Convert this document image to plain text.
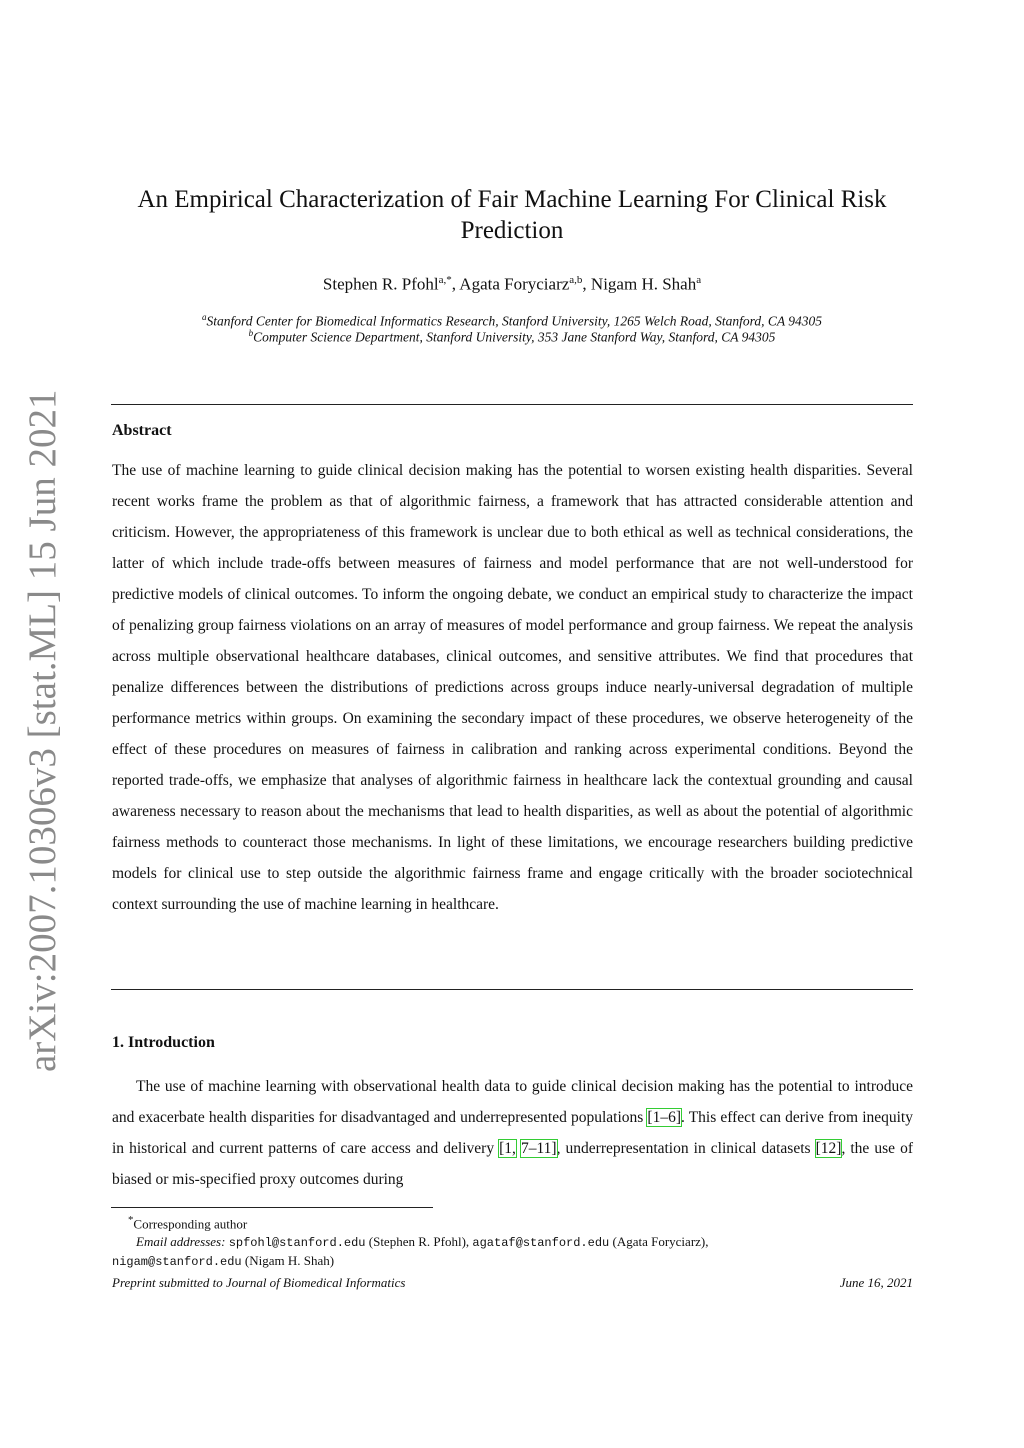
arXiv:2007.10306v3 [stat.ML] 15 Jun 2021
An Empirical Characterization of Fair Machine Learning For Clinical Risk Prediction
Stephen R. Pfohl$^{a,*}$, Agata Foryciarz$^{a,b}$, Nigam H. Shah$^a$
$^a$Stanford Center for Biomedical Informatics Research, Stanford University, 1265 Welch Road, Stanford, CA 94305
$^b$Computer Science Department, Stanford University, 353 Jane Stanford Way, Stanford, CA 94305
Abstract
The use of machine learning to guide clinical decision making has the potential to worsen existing health disparities. Several recent works frame the problem as that of algorithmic fairness, a framework that has attracted considerable attention and criticism. However, the appropriateness of this framework is unclear due to both ethical as well as technical considerations, the latter of which include trade-offs between measures of fairness and model performance that are not well-understood for predictive models of clinical outcomes. To inform the ongoing debate, we conduct an empirical study to characterize the impact of penalizing group fairness violations on an array of measures of model performance and group fairness. We repeat the analysis across multiple observational healthcare databases, clinical outcomes, and sensitive attributes. We find that procedures that penalize differences between the distributions of predictions across groups induce nearly-universal degradation of multiple performance metrics within groups. On examining the secondary impact of these procedures, we observe heterogeneity of the effect of these procedures on measures of fairness in calibration and ranking across experimental conditions. Beyond the reported trade-offs, we emphasize that analyses of algorithmic fairness in healthcare lack the contextual grounding and causal awareness necessary to reason about the mechanisms that lead to health disparities, as well as about the potential of algorithmic fairness methods to counteract those mechanisms. In light of these limitations, we encourage researchers building predictive models for clinical use to step outside the algorithmic fairness frame and engage critically with the broader sociotechnical context surrounding the use of machine learning in healthcare.
1. Introduction
The use of machine learning with observational health data to guide clinical decision making has the potential to introduce and exacerbate health disparities for disadvantaged and underrepresented populations [1–6]. This effect can derive from inequity in historical and current patterns of care access and delivery [1, 7–11], underrepresentation in clinical datasets [12], the use of biased or mis-specified proxy outcomes during
*Corresponding author
Email addresses: spfohl@stanford.edu (Stephen R. Pfohl), agataf@stanford.edu (Agata Foryciarz),
nigam@stanford.edu (Nigam H. Shah)
Preprint submitted to Journal of Biomedical Informatics	June 16, 2021
